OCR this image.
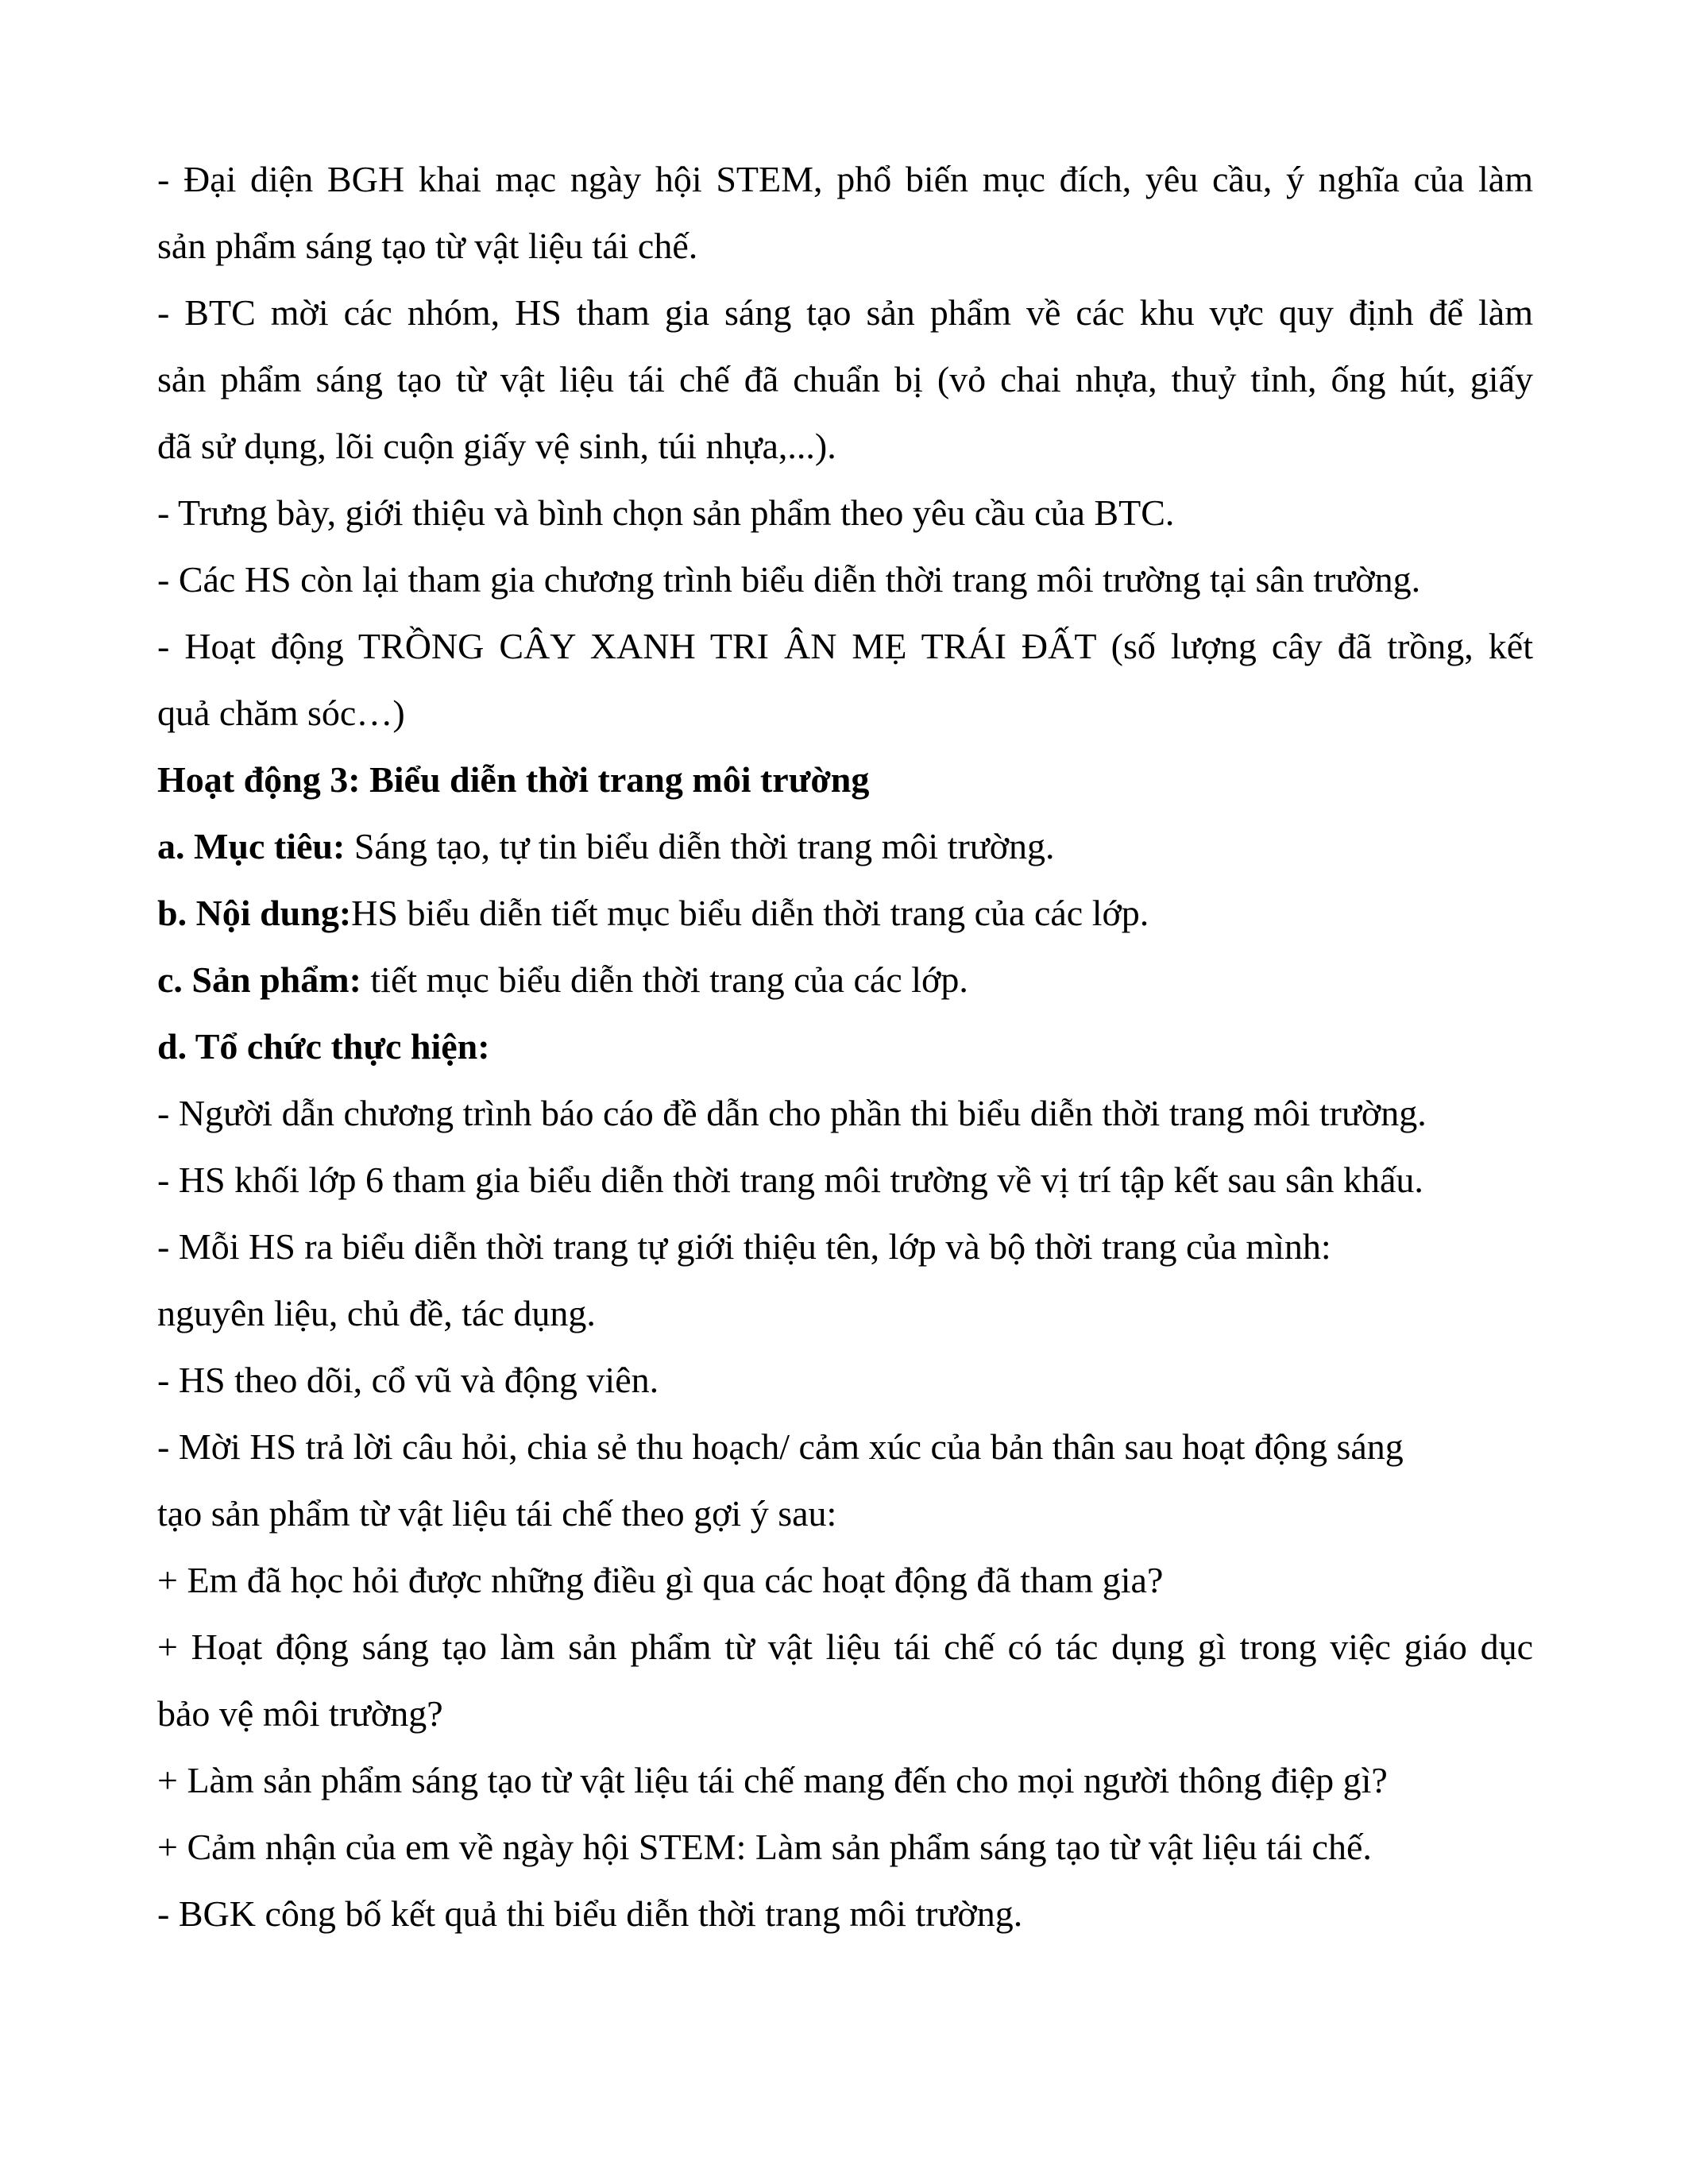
- Đại diện BGH khai mạc ngày hội STEM, phổ biến mục đích, yêu cầu, ý nghĩa của làm
sản phẩm sáng tạo từ vật liệu tái chế.
- BTC mời các nhóm, HS tham gia sáng tạo sản phẩm về các khu vực quy định để làm
sản phẩm sáng tạo từ vật liệu tái chế đã chuẩn bị (vỏ chai nhựa, thuỷ tỉnh, ống hút, giấy
đã sử dụng, lõi cuộn giấy vệ sinh, túi nhựa,...).
- Trưng bày, giới thiệu và bình chọn sản phẩm theo yêu cầu của BTC.
- Các HS còn lại tham gia chương trình biểu diễn thời trang môi trường tại sân trường.
- Hoạt động TRỒNG CÂY XANH TRI ÂN MẸ TRÁI ĐẤT (số lượng cây đã trồng, kết
quả chăm sóc…)
Hoạt động 3: Biểu diễn thời trang môi trường
a. Mục tiêu: Sáng tạo, tự tin biểu diễn thời trang môi trường.
b. Nội dung:HS biểu diễn tiết mục biểu diễn thời trang của các lớp.
c. Sản phẩm: tiết mục biểu diễn thời trang của các lớp.
d. Tổ chức thực hiện:
- Người dẫn chương trình báo cáo đề dẫn cho phần thi biểu diễn thời trang môi trường.
- HS khối lớp 6 tham gia biểu diễn thời trang môi trường về vị trí tập kết sau sân khấu.
- Mỗi HS ra biểu diễn thời trang tự giới thiệu tên, lớp và bộ thời trang của mình:
nguyên liệu, chủ đề, tác dụng.
- HS theo dõi, cổ vũ và động viên.
- Mời HS trả lời câu hỏi, chia sẻ thu hoạch/ cảm xúc của bản thân sau hoạt động sáng
tạo sản phẩm từ vật liệu tái chế theo gợi ý sau:
+ Em đã học hỏi được những điều gì qua các hoạt động đã tham gia?
+ Hoạt động sáng tạo làm sản phẩm từ vật liệu tái chế có tác dụng gì trong việc giáo dục
bảo vệ môi trường?
+ Làm sản phẩm sáng tạo từ vật liệu tái chế mang đến cho mọi người thông điệp gì?
+ Cảm nhận của em về ngày hội STEM: Làm sản phẩm sáng tạo từ vật liệu tái chế.
- BGK công bố kết quả thi biểu diễn thời trang môi trường.
